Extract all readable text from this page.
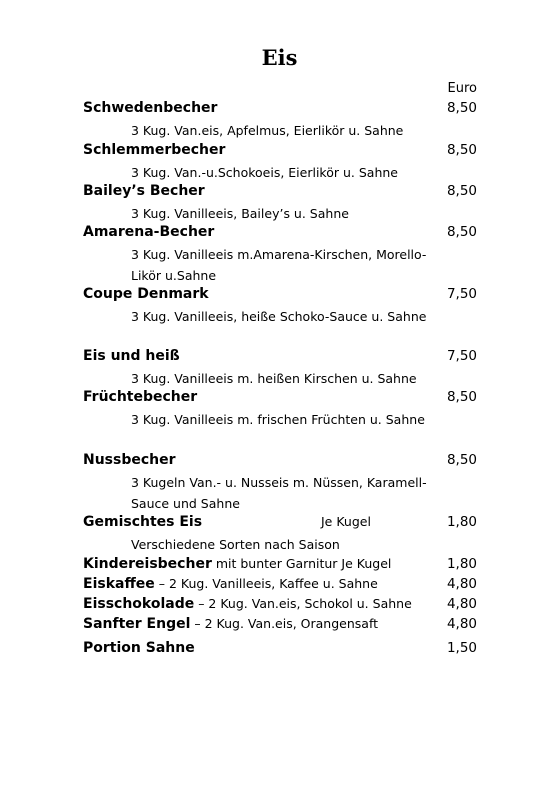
Eis
Euro
Schwedenbecher	8,50
3 Kug. Van.eis, Apfelmus, Eierlikör u. Sahne
Schlemmerbecher	8,50
3 Kug. Van.-u.Schokoeis, Eierlikör u. Sahne
Bailey’s Becher	8,50
3 Kug. Vanilleeis, Bailey’s u. Sahne
Amarena-Becher	8,50
3 Kug. Vanilleeis m.Amarena-Kirschen, Morello-Likör u.Sahne
Coupe Denmark	7,50
3 Kug. Vanilleeis, heiße Schoko-Sauce u. Sahne
Eis und heiß	7,50
3 Kug. Vanilleeis m. heißen Kirschen u. Sahne
Früchtebecher	8,50
3 Kug. Vanilleeis m. frischen Früchten u. Sahne
Nussbecher	8,50
3 Kugeln Van.- u. Nusseis m. Nüssen, Karamell-Sauce und Sahne
Gemischtes Eis	Je Kugel	1,80
Verschiedene Sorten nach Saison
Kindereisbecher mit bunter Garnitur Je Kugel	1,80
Eiskaffee – 2 Kug. Vanilleeis, Kaffee u. Sahne	4,80
Eisschokolade – 2 Kug. Van.eis, Schokol u. Sahne	4,80
Sanfter Engel – 2 Kug. Van.eis, Orangensaft	4,80
Portion Sahne	1,50
